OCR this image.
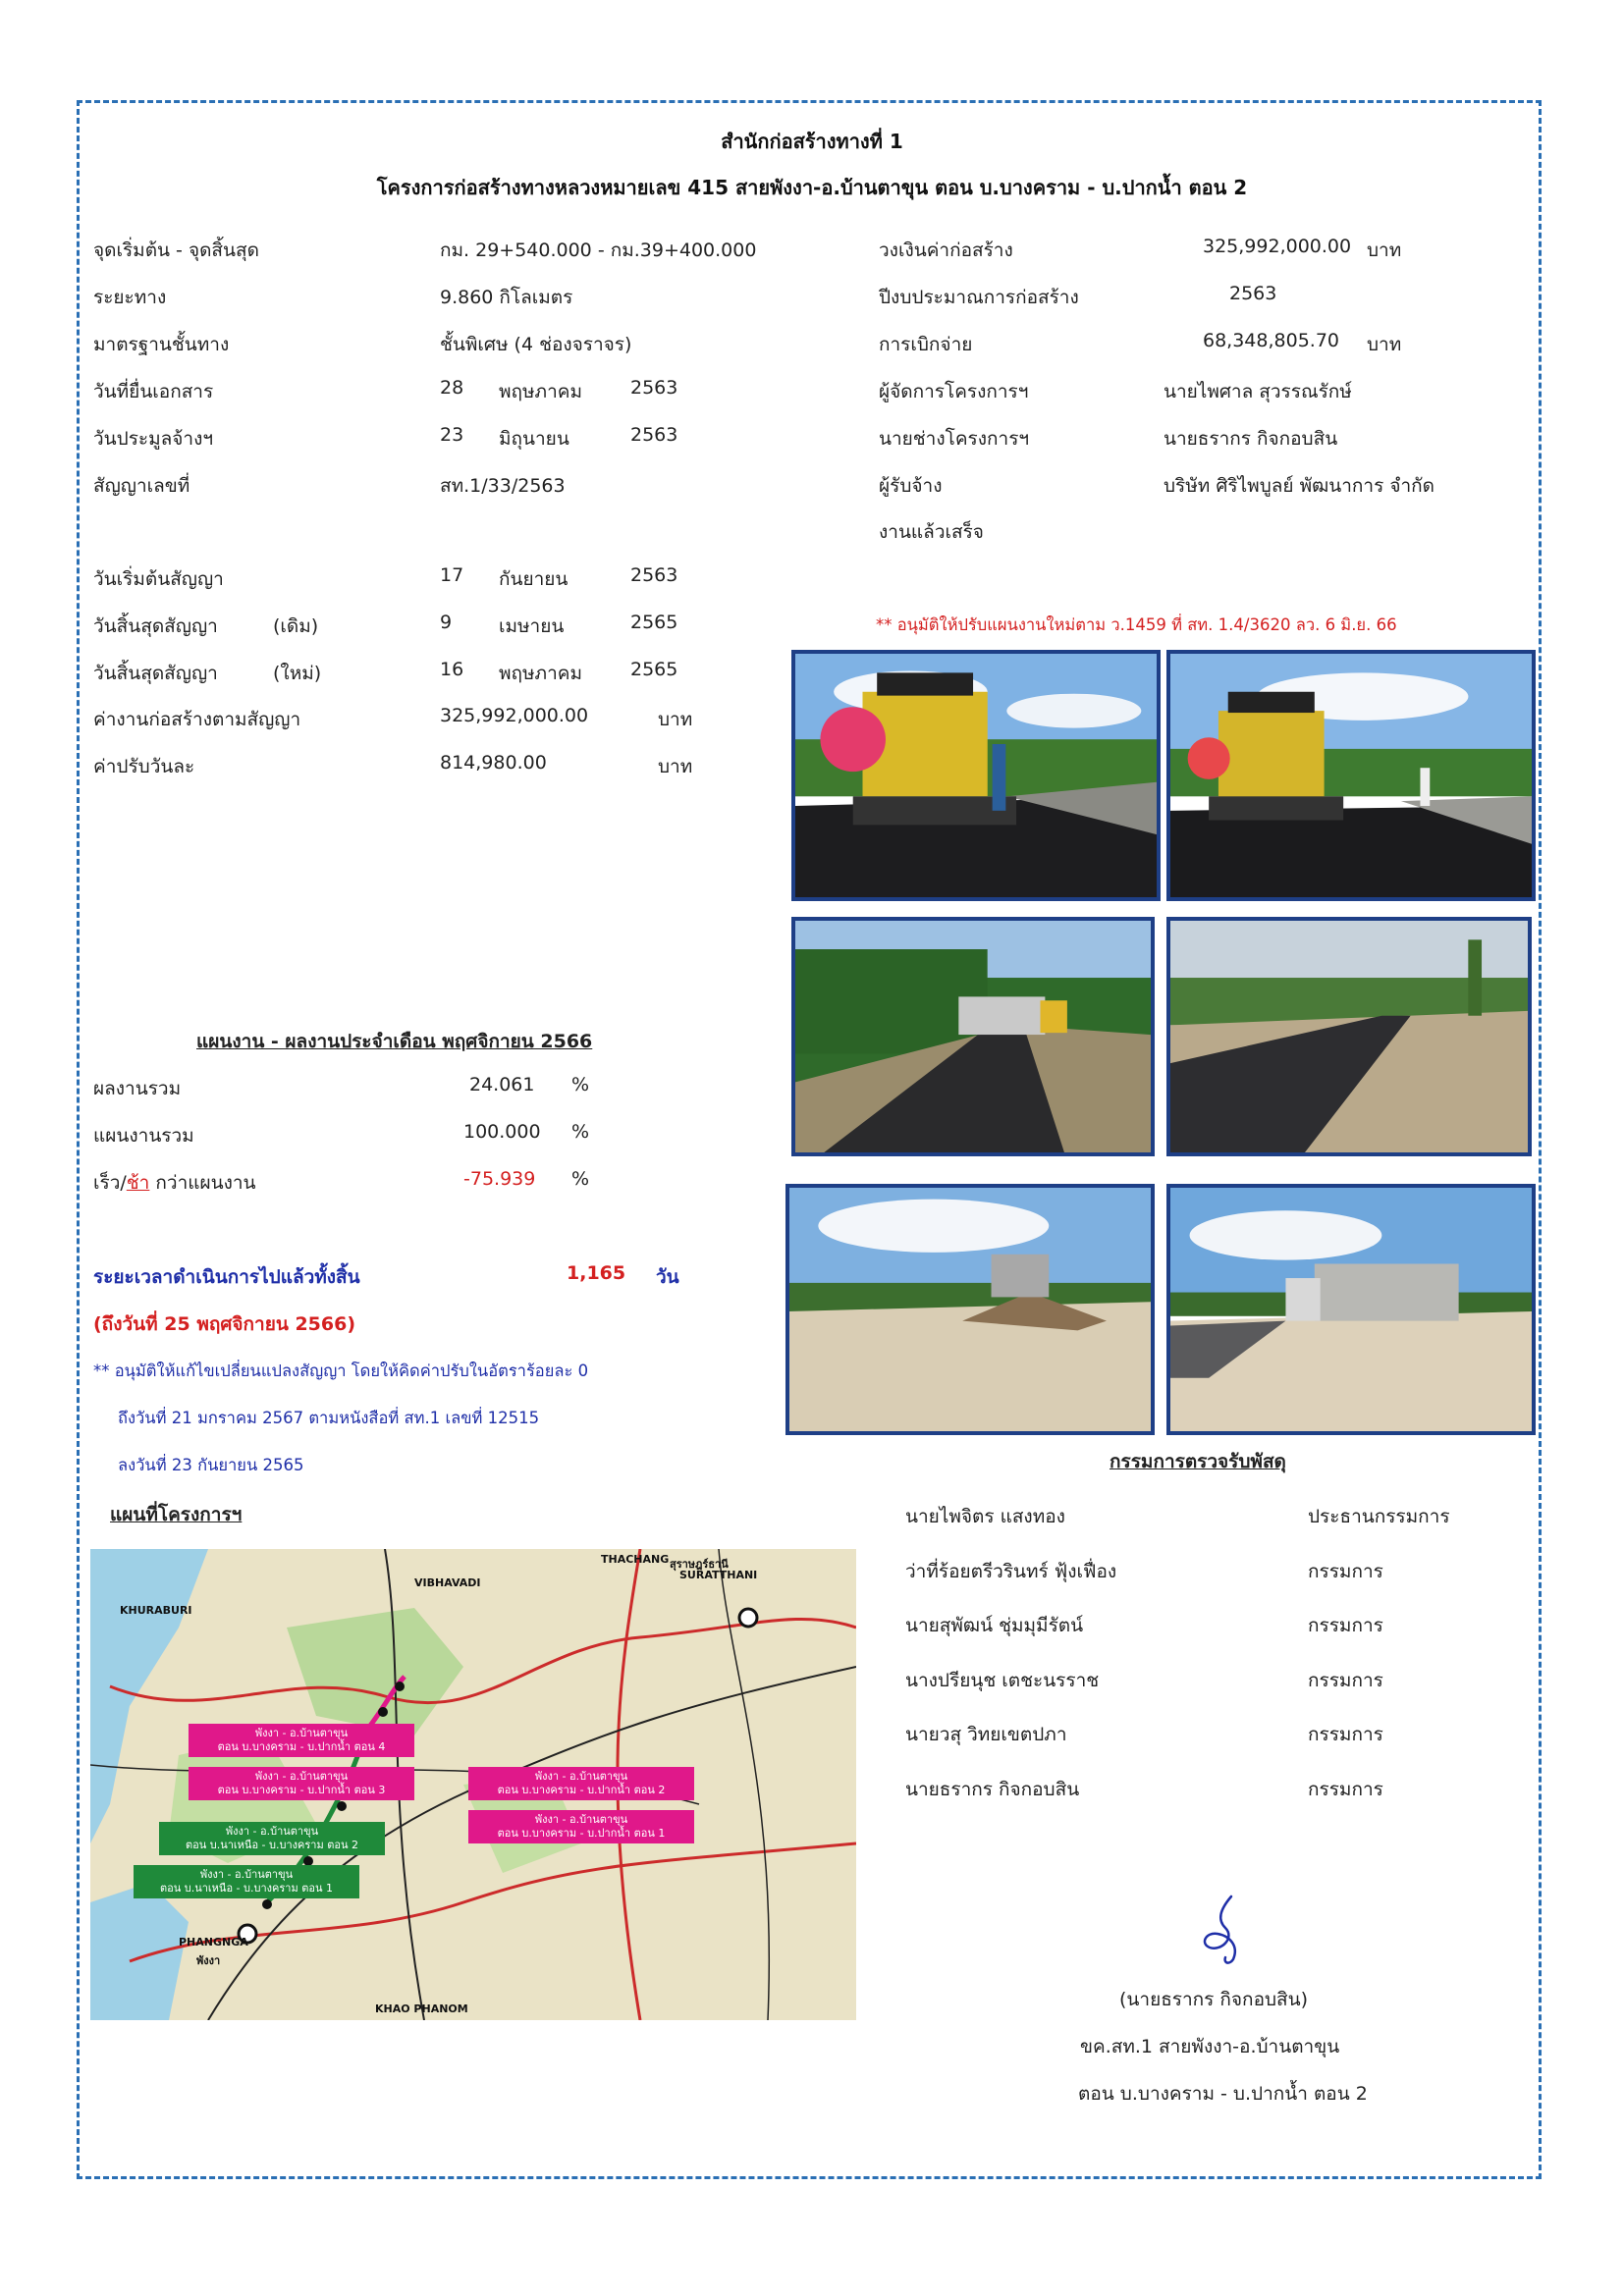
สำนักก่อสร้างทางที่ 1
โครงการก่อสร้างทางหลวงหมายเลข 415 สายพังงา-อ.บ้านตาขุน ตอน บ.บางคราม - บ.ปากน้ำ ตอน 2
จุดเริ่มต้น - จุดสิ้นสุด	กม. 29+540.000 - กม.39+400.000
ระยะทาง	9.860 กิโลเมตร
มาตรฐานชั้นทาง	ชั้นพิเศษ (4 ช่องจราจร)
วันที่ยื่นเอกสาร	28 พฤษภาคม	2563
วันประมูลจ้างฯ	23 มิถุนายน	2563
สัญญาเลขที่	สท.1/33/2563
วงเงินค่าก่อสร้าง	325,992,000.00 บาท
ปีงบประมาณการก่อสร้าง	2563
การเบิกจ่าย	68,348,805.70 บาท
ผู้จัดการโครงการฯ	นายไพศาล สุวรรณรักษ์
นายช่างโครงการฯ	นายธรากร กิจกอบสิน
ผู้รับจ้าง	บริษัท ศิริไพบูลย์ พัฒนาการ จำกัด
งานแล้วเสร็จ
วันเริ่มต้นสัญญา	17 กันยายน	2563
วันสิ้นสุดสัญญา	(เดิม)	9	เมษายน	2565
วันสิ้นสุดสัญญา	(ใหม่)	16 พฤษภาคม	2565
ค่างานก่อสร้างตามสัญญา	325,992,000.00	บาท
ค่าปรับวันละ	814,980.00	บาท
** อนุมัติให้ปรับแผนงานใหม่ตาม ว.1459 ที่ สท. 1.4/3620 ลว. 6 มิ.ย. 66
แผนงาน - ผลงานประจำเดือน พฤศจิกายน 2566
ผลงานรวม	24.061 %
แผนงานรวม	100.000 %
เร็ว/ช้า กว่าแผนงาน	-75.939 %
ระยะเวลาดำเนินการไปแล้วทั้งสิ้น	1,165 วัน
(ถึงวันที่ 25 พฤศจิกายน 2566)
** อนุมัติให้แก้ไขเปลี่ยนแปลงสัญญา โดยให้คิดค่าปรับในอัตราร้อยละ 0
ถึงวันที่ 21 มกราคม 2567 ตามหนังสือที่ สท.1 เลขที่ 12515
ลงวันที่ 23 กันยายน 2565
แผนที่โครงการฯ
สุราษฎร์ธานี
SURATTHANI
PHANGNGA
พังงา
KHURABURI
THACHANG
VIBHAVADI
KHAO PHANOM
พังงา - อ.บ้านตาขุน
ตอน บ.บางคราม - บ.ปากน้ำ ตอน 4
พังงา - อ.บ้านตาขุน
ตอน บ.บางคราม - บ.ปากน้ำ ตอน 3
พังงา - อ.บ้านตาขุน
ตอน บ.บางคราม - บ.ปากน้ำ ตอน 2
พังงา - อ.บ้านตาขุน
ตอน บ.บางคราม - บ.ปากน้ำ ตอน 1
พังงา - อ.บ้านตาขุน
ตอน บ.นาเหนือ - บ.บางคราม ตอน 2
พังงา - อ.บ้านตาขุน
ตอน บ.นาเหนือ - บ.บางคราม ตอน 1
กรรมการตรวจรับพัสดุ
นายไพจิตร แสงทอง	ประธานกรรมการ
ว่าที่ร้อยตรีวรินทร์ ฟุ้งเฟื่อง	กรรมการ
นายสุพัฒน์ ชุ่มมุมีรัตน์	กรรมการ
นางปรียนุช เตชะนรราช	กรรมการ
นายวสุ วิทยเขตปภา	กรรมการ
นายธรากร กิจกอบสิน	กรรมการ
(นายธรากร กิจกอบสิน)
ขค.สท.1 สายพังงา-อ.บ้านตาขุน
ตอน บ.บางคราม - บ.ปากน้ำ ตอน 2
